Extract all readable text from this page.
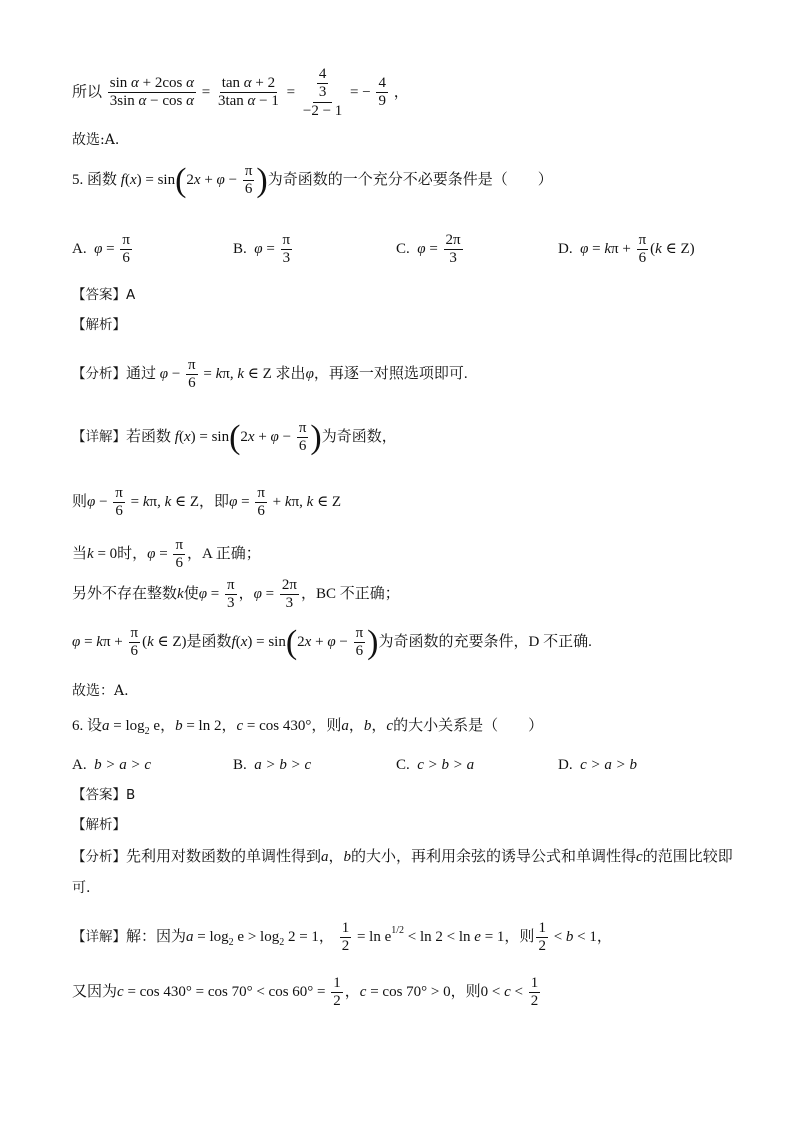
所以 $\frac{\text{sin α + 2cos α}}{\text{3sin α − cos α}} = \frac{\text{tan α + 2}}{\text{3tan α − 1}} = \frac{\frac{4}{3}}{-2 - 1}$ = − $\frac{4}{9}$ ，
故选:A.
5. 函数 $f(x) = \sin(2x + \varphi - \frac{\pi}{6}$ )为奇函数的一个充分不必要条件是（　　）
A. $\varphi = \frac{\pi}{6}$	B. $\varphi = \frac{\pi}{3}$	C. $\varphi = \frac{2\pi}{3}$	D. $\varphi = k\pi + \frac{\pi}{6} (k$ ∈ Z)
【答案】A
【解析】
【分析】通过 $\varphi - \frac{\pi}{6} = k\pi$, k ∈ Z 求出φ，再逐一对照选项即可.
【详解】若函数 $f(x) = \sin(2x + \varphi - \frac{\pi}{6}$ )为奇函数，
则$\varphi - \frac{\pi}{6} = k\pi$, k ∈ Z，即$\varphi = \frac{\pi}{6} + k\pi$, k ∈ Z
当k = 0时，$\varphi = \frac{\pi}{6}$ ，A 正确；
另外不存在整数k使$\varphi = \frac{\pi}{3}$ ，$\varphi = \frac{2\pi}{3}$ ，BC 不正确；
$\varphi = k\pi + \frac{\pi}{6} (k$ ∈ Z)是函数$f(x) = \sin(2x + \varphi - \frac{\pi}{6}$ )为奇函数的充要条件，D 不正确.
故选：A.
6. 设$a = \log_2 e$，b = ln 2，c = cos 430°，则a，b，c的大小关系是（　　）
A. b > a > c	B. a > b > c	C. c > b > a	D. c > a > b
【答案】B
【解析】
【分析】先利用对数函数的单调性得到a，b的大小，再利用余弦的诱导公式和单调性得c的范围比较即
可.
【详解】解：因为$a = \log_2 e > \log_2 2 = 1$， $\frac{1}{2} = \ln e^{1/2} < \ln 2 < \ln e = 1$，则 $\frac{1}{2} < b < 1$，
又因为$c = \cos 430^\circ = \cos 70^\circ < \cos 60^\circ = \frac{1}{2}$ ，c = cos 70° > 0，则$0 < c < \frac{1}{2}$
